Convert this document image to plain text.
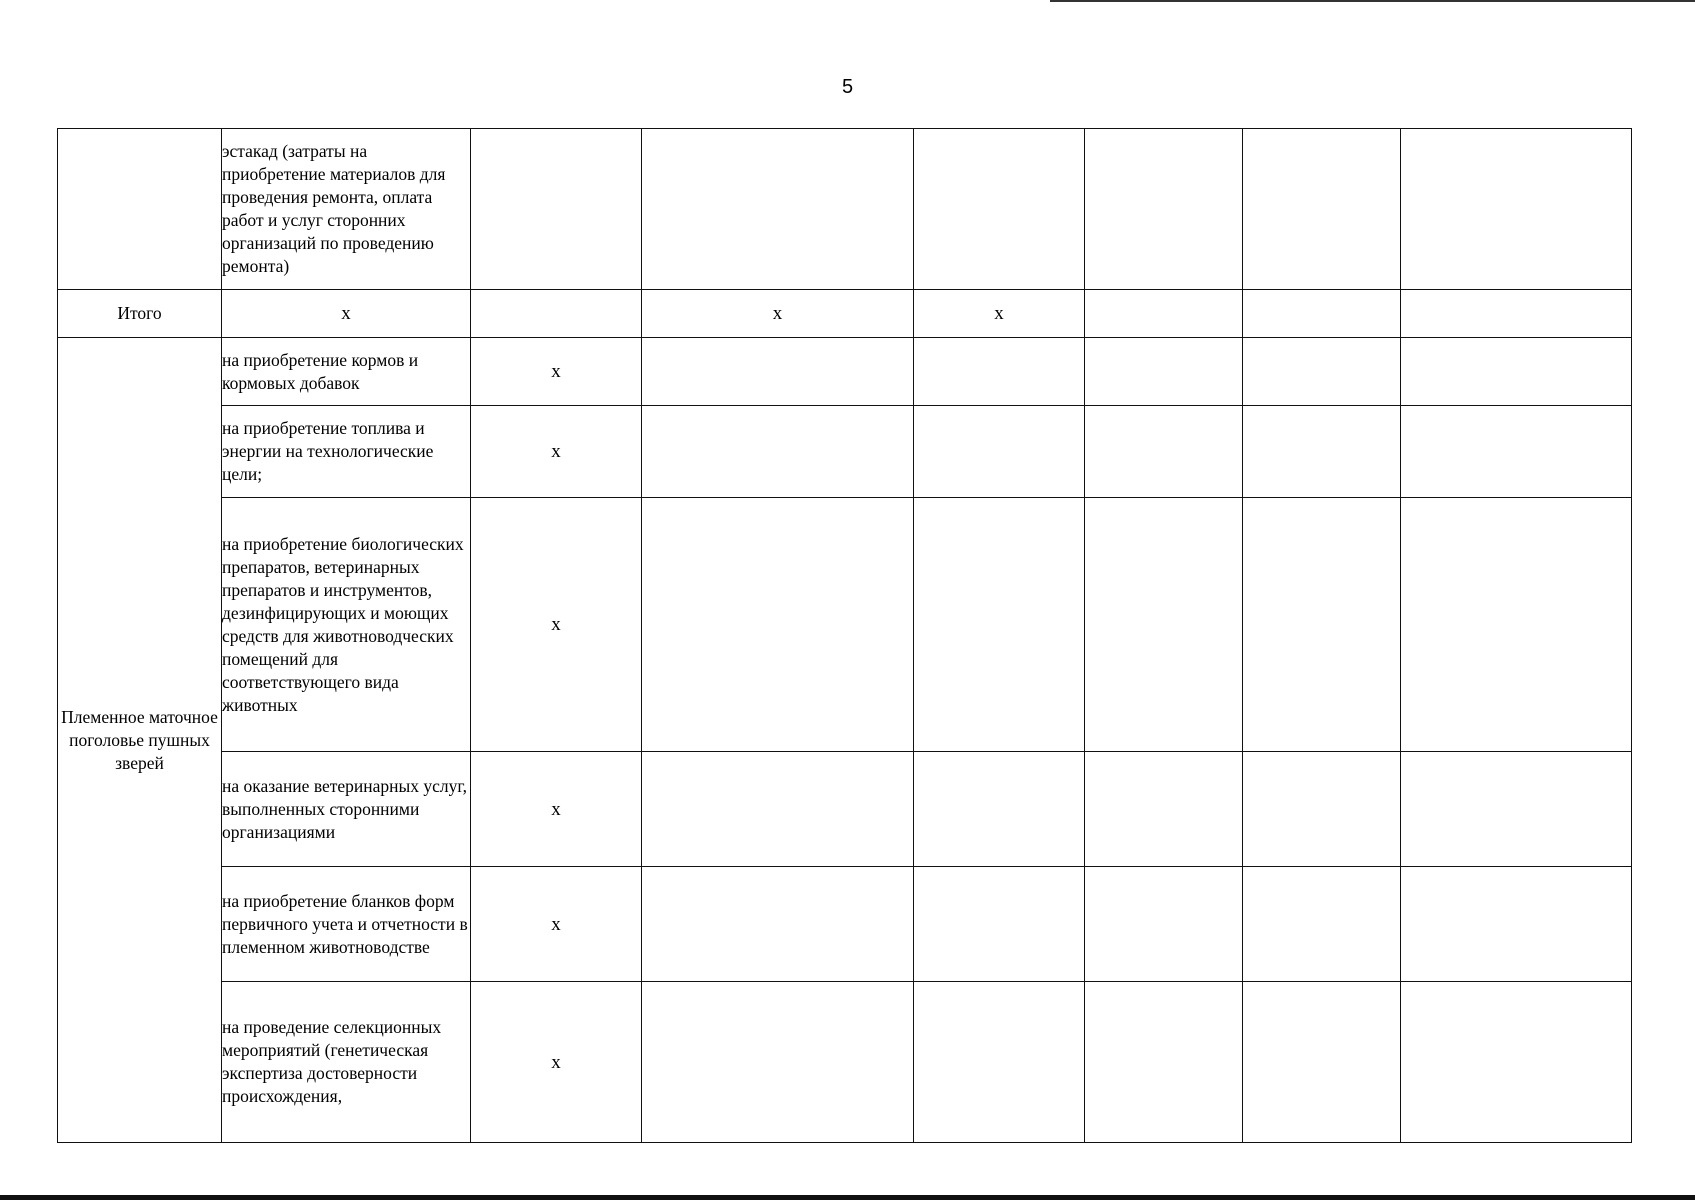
5
	эстакад (затраты на приобретение материалов для проведения ремонта, оплата работ и услуг сторонних организаций по проведению ремонта)						
Итого	х		х	х			
Племенное маточное поголовье пушных зверей	на приобретение кормов и кормовых добавок	х					
	на приобретение топлива и энергии на технологические цели;	х					
	на приобретение биологических препаратов, ветеринарных препаратов и инструментов, дезинфицирующих и моющих средств для животноводческих помещений для соответствующего вида животных	х					
	на оказание ветеринарных услуг, выполненных сторонними организациями	х					
	на приобретение бланков форм первичного учета и отчетности в племенном животноводстве	х					
	на проведение селекционных мероприятий (генетическая экспертиза достоверности происхождения,	х					
